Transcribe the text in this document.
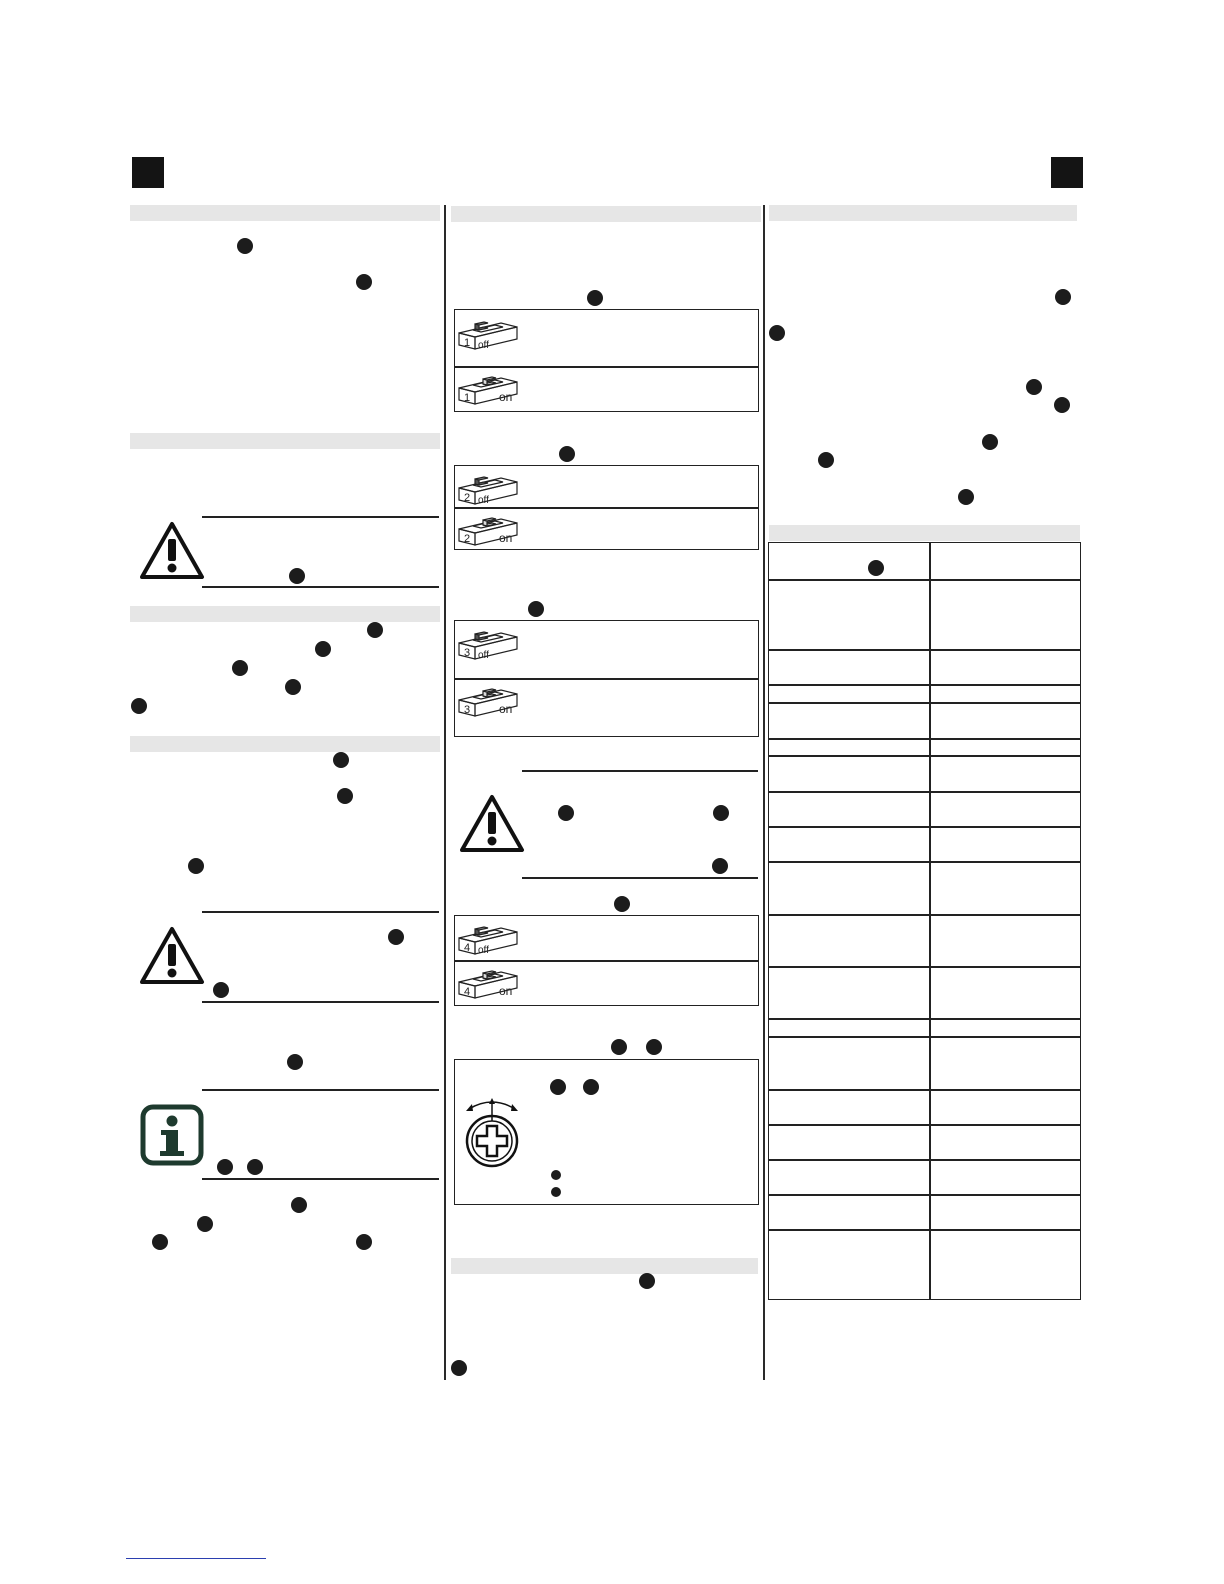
1 off
1 on
2 off
2 on
3 off
3 on
4 off
4 on
